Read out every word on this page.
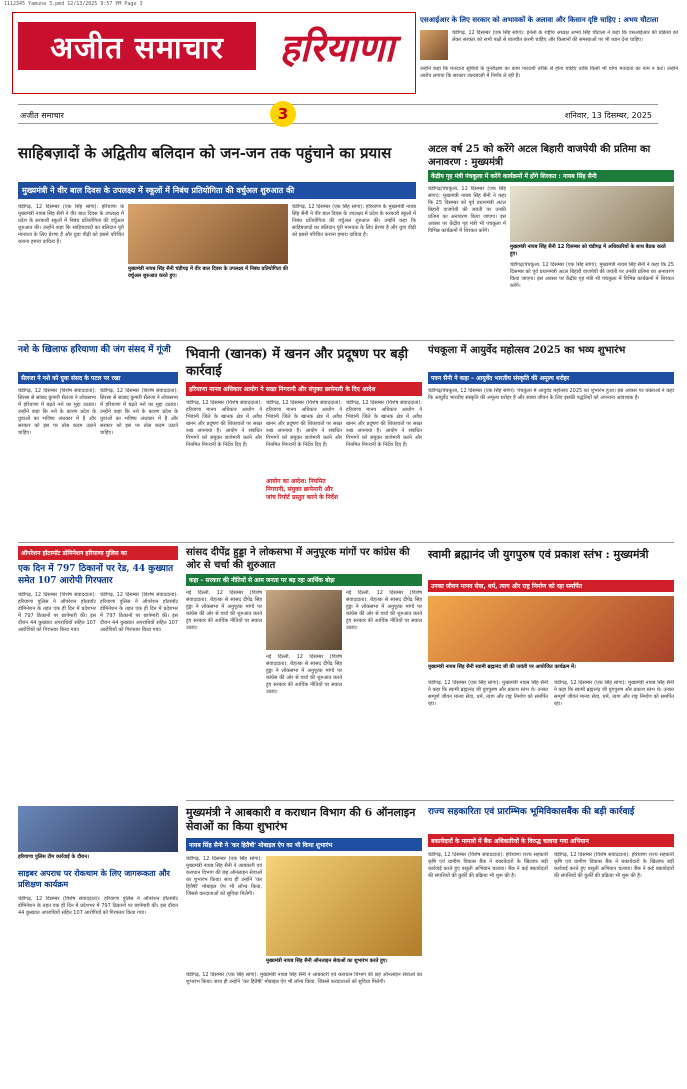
1112345 Yamuna 3.pmd 12/13/2025 9:57 PM Page 3
अजीत समाचार	हरियाणा
अजीत समाचार	3	शनिवार, 13 दिसम्बर, 2025
एसआईआर के लिए सरकार को अभावकों के अलावा और किसान दृष्टि चाहिए : अभय चौटाला
चंडीगढ़, 12 दिसम्बर (एक सिंह सांगा): इनेलो के राष्ट्रीय अध्यक्ष अभय सिंह चौटाला ने कहा कि एसआईआर की प्रक्रिया को लेकर सरकार को सभी पक्षों से बातचीत करनी चाहिए और किसानों की समस्याओं पर भी ध्यान देना चाहिए।
उन्होंने कहा कि मतदाता सूचियों के पुनरीक्षण का काम पारदर्शी तरीके से होना चाहिए ताकि किसी भी योग्य मतदाता का नाम न कटे। उन्होंने आरोप लगाया कि सरकार जल्दबाज़ी में निर्णय ले रही है।
साहिबज़ादों के अद्वितीय बलिदान को जन-जन तक पहुंचाने का प्रयास
मुख्यमंत्री ने वीर बाल दिवस के उपलक्ष्य में स्कूलों में निबंध प्रतियोगिता की वर्चुअल शुरुआत की
चंडीगढ़, 12 दिसम्बर (एक सिंह सांगा): हरियाणा के मुख्यमंत्री नायब सिंह सैनी ने वीर बाल दिवस के उपलक्ष्य में प्रदेश के सरकारी स्कूलों में निबंध प्रतियोगिता की वर्चुअल शुरुआत की। उन्होंने कहा कि साहिबज़ादों का बलिदान पूरी मानवता के लिए प्रेरणा है और युवा पीढ़ी को इससे परिचित कराना हमारा दायित्व है।
मुख्यमंत्री नायब सिंह सैनी चंडीगढ़ में वीर बाल दिवस के उपलक्ष्य में निबंध प्रतियोगिता की वर्चुअल शुरुआत करते हुए।
चंडीगढ़, 12 दिसम्बर (एक सिंह सांगा): हरियाणा के मुख्यमंत्री नायब सिंह सैनी ने वीर बाल दिवस के उपलक्ष्य में प्रदेश के सरकारी स्कूलों में निबंध प्रतियोगिता की वर्चुअल शुरुआत की। उन्होंने कहा कि साहिबज़ादों का बलिदान पूरी मानवता के लिए प्रेरणा है और युवा पीढ़ी को इससे परिचित कराना हमारा दायित्व है।
अटल वर्ष 25 को करेंगे अटल बिहारी वाजपेयी की प्रतिमा का अनावरण : मुख्यमंत्री
केंद्रीय गृह मंत्री पंचकूला में करेंगे कार्यक्रमों में होंगे शिरकत : नायब सिंह सैनी
चंडीगढ़/पंचकूला, 12 दिसम्बर (एक सिंह सांगा): मुख्यमंत्री नायब सिंह सैनी ने कहा कि 25 दिसम्बर को पूर्व प्रधानमंत्री अटल बिहारी वाजपेयी की जयंती पर उनकी प्रतिमा का अनावरण किया जाएगा। इस अवसर पर केंद्रीय गृह मंत्री भी पंचकूला में विभिन्न कार्यक्रमों में शिरकत करेंगे।
मुख्यमंत्री नायब सिंह सैनी 12 दिसम्बर को चंडीगढ़ में अधिकारियों के साथ बैठक करते हुए।
चंडीगढ़/पंचकूला, 12 दिसम्बर (एक सिंह सांगा): मुख्यमंत्री नायब सिंह सैनी ने कहा कि 25 दिसम्बर को पूर्व प्रधानमंत्री अटल बिहारी वाजपेयी की जयंती पर उनकी प्रतिमा का अनावरण किया जाएगा। इस अवसर पर केंद्रीय गृह मंत्री भी पंचकूला में विभिन्न कार्यक्रमों में शिरकत करेंगे।
नशे के खिलाफ हरियाणा की जंग संसद में गूंजी
सैलजा ने नशे को युवा संसद के पटल पर रखा
चंडीगढ़, 12 दिसम्बर (विशेष संवाददाता): सिरसा से सांसद कुमारी सैलजा ने लोकसभा में हरियाणा में बढ़ते नशे का मुद्दा उठाया। उन्होंने कहा कि नशे के कारण प्रदेश के युवाओं का भविष्य अंधकार में है और सरकार को इस पर ठोस कदम उठाने चाहिए।
चंडीगढ़, 12 दिसम्बर (विशेष संवाददाता): सिरसा से सांसद कुमारी सैलजा ने लोकसभा में हरियाणा में बढ़ते नशे का मुद्दा उठाया। उन्होंने कहा कि नशे के कारण प्रदेश के युवाओं का भविष्य अंधकार में है और सरकार को इस पर ठोस कदम उठाने चाहिए।
भिवानी (खानक) में खनन और प्रदूषण पर बड़ी कार्रवाई
हरियाणा मानव अधिकार आयोग ने सख्त निगरानी और संयुक्त छापेमारी के दिए आदेश
चंडीगढ़, 12 दिसम्बर (विशेष संवाददाता): हरियाणा मानव अधिकार आयोग ने भिवानी जिले के खानक क्षेत्र में अवैध खनन और प्रदूषण की शिकायतों पर सख्त रुख अपनाया है। आयोग ने संबंधित विभागों को संयुक्त छापेमारी करने और नियमित निगरानी के निर्देश दिए हैं।
आयोग का आदेश: नियमित निगरानी, संयुक्त छापेमारी और जांच रिपोर्ट प्रस्तुत करने के निर्देश
चंडीगढ़, 12 दिसम्बर (विशेष संवाददाता): हरियाणा मानव अधिकार आयोग ने भिवानी जिले के खानक क्षेत्र में अवैध खनन और प्रदूषण की शिकायतों पर सख्त रुख अपनाया है। आयोग ने संबंधित विभागों को संयुक्त छापेमारी करने और नियमित निगरानी के निर्देश दिए हैं।
चंडीगढ़, 12 दिसम्बर (विशेष संवाददाता): हरियाणा मानव अधिकार आयोग ने भिवानी जिले के खानक क्षेत्र में अवैध खनन और प्रदूषण की शिकायतों पर सख्त रुख अपनाया है। आयोग ने संबंधित विभागों को संयुक्त छापेमारी करने और नियमित निगरानी के निर्देश दिए हैं।
पंचकूला में आयुर्वेद महोत्सव 2025 का भव्य शुभारंभ
पवन सैनी ने कहा – आयुर्वेद भारतीय संस्कृति की अमूल्य धरोहर
चंडीगढ़/पंचकूला, 12 दिसम्बर (एक सिंह सांगा): पंचकूला में आयुर्वेद महोत्सव 2025 का शुभारंभ हुआ। इस अवसर पर वक्ताओं ने कहा कि आयुर्वेद भारतीय संस्कृति की अमूल्य धरोहर है और स्वस्थ जीवन के लिए इसकी पद्धतियों को अपनाना आवश्यक है।
ऑपरेशन हॉटस्पॉट डोमिनेशन हरियाणा पुलिस का
एक दिन में 797 ठिकानों पर रेड, 44 कुख्यात समेत 107 आरोपी गिरफ्तार
चंडीगढ़, 12 दिसम्बर (विशेष संवाददाता): हरियाणा पुलिस ने ऑपरेशन हॉटस्पॉट डोमिनेशन के तहत एक ही दिन में प्रदेशभर में 797 ठिकानों पर छापेमारी की। इस दौरान 44 कुख्यात अपराधियों सहित 107 आरोपियों को गिरफ्तार किया गया।
चंडीगढ़, 12 दिसम्बर (विशेष संवाददाता): हरियाणा पुलिस ने ऑपरेशन हॉटस्पॉट डोमिनेशन के तहत एक ही दिन में प्रदेशभर में 797 ठिकानों पर छापेमारी की। इस दौरान 44 कुख्यात अपराधियों सहित 107 आरोपियों को गिरफ्तार किया गया।
हरियाणा पुलिस टीम कार्रवाई के दौरान।
साइबर अपराध पर रोकथाम के लिए जागरूकता और प्रशिक्षण कार्यक्रम
चंडीगढ़, 12 दिसम्बर (विशेष संवाददाता): हरियाणा पुलिस ने ऑपरेशन हॉटस्पॉट डोमिनेशन के तहत एक ही दिन में प्रदेशभर में 797 ठिकानों पर छापेमारी की। इस दौरान 44 कुख्यात अपराधियों सहित 107 आरोपियों को गिरफ्तार किया गया।
सांसद दीपेंद्र हुड्डा ने लोकसभा में अनुपूरक मांगों पर कांग्रेस की ओर से चर्चा की शुरुआत
कहा – सरकार की नीतियों से आम जनता पर बढ़ रहा आर्थिक बोझ
नई दिल्ली, 12 दिसम्बर (विशेष संवाददाता): रोहतक से सांसद दीपेंद्र सिंह हुड्डा ने लोकसभा में अनुपूरक मांगों पर कांग्रेस की ओर से चर्चा की शुरुआत करते हुए सरकार की आर्थिक नीतियों पर सवाल उठाए।
नई दिल्ली, 12 दिसम्बर (विशेष संवाददाता): रोहतक से सांसद दीपेंद्र सिंह हुड्डा ने लोकसभा में अनुपूरक मांगों पर कांग्रेस की ओर से चर्चा की शुरुआत करते हुए सरकार की आर्थिक नीतियों पर सवाल उठाए।
नई दिल्ली, 12 दिसम्बर (विशेष संवाददाता): रोहतक से सांसद दीपेंद्र सिंह हुड्डा ने लोकसभा में अनुपूरक मांगों पर कांग्रेस की ओर से चर्चा की शुरुआत करते हुए सरकार की आर्थिक नीतियों पर सवाल उठाए।
स्वामी ब्रह्मानंद जी युगपुरुष एवं प्रकाश स्तंभ : मुख्यमंत्री
उनका जीवन मानव सेवा, धर्म, त्याग और राष्ट्र निर्माण को रहा समर्पित
मुख्यमंत्री नायब सिंह सैनी स्वामी ब्रह्मानंद जी की जयंती पर आयोजित कार्यक्रम में।
चंडीगढ़, 12 दिसम्बर (एक सिंह सांगा): मुख्यमंत्री नायब सिंह सैनी ने कहा कि स्वामी ब्रह्मानंद जी युगपुरुष और प्रकाश स्तंभ थे। उनका सम्पूर्ण जीवन मानव सेवा, धर्म, त्याग और राष्ट्र निर्माण को समर्पित रहा।
चंडीगढ़, 12 दिसम्बर (एक सिंह सांगा): मुख्यमंत्री नायब सिंह सैनी ने कहा कि स्वामी ब्रह्मानंद जी युगपुरुष और प्रकाश स्तंभ थे। उनका सम्पूर्ण जीवन मानव सेवा, धर्म, त्याग और राष्ट्र निर्माण को समर्पित रहा।
मुख्यमंत्री ने आबकारी व कराधान विभाग की 6 ऑनलाइन सेवाओं का किया शुभारंभ
नायब सिंह सैनी ने 'कर हितैषी' मोबाइल ऐप का भी किया शुभारंभ
चंडीगढ़, 12 दिसम्बर (एक सिंह सांगा): मुख्यमंत्री नायब सिंह सैनी ने आबकारी एवं कराधान विभाग की छह ऑनलाइन सेवाओं का शुभारंभ किया। साथ ही उन्होंने 'कर हितैषी' मोबाइल ऐप भी लॉन्च किया, जिससे करदाताओं को सुविधा मिलेगी।
मुख्यमंत्री नायब सिंह सैनी ऑनलाइन सेवाओं का शुभारंभ करते हुए।
चंडीगढ़, 12 दिसम्बर (एक सिंह सांगा): मुख्यमंत्री नायब सिंह सैनी ने आबकारी एवं कराधान विभाग की छह ऑनलाइन सेवाओं का शुभारंभ किया। साथ ही उन्होंने 'कर हितैषी' मोबाइल ऐप भी लॉन्च किया, जिससे करदाताओं को सुविधा मिलेगी।
राज्य सहकारिता एवं प्रारम्भिक भूमिविकासबैंक की बड़ी कार्रवाई
बकायेदारों के मामलों में बैंक अधिकारियों के विरुद्ध चलाया गया अभियान
चंडीगढ़, 12 दिसम्बर (विशेष संवाददाता): हरियाणा राज्य सहकारी कृषि एवं ग्रामीण विकास बैंक ने बकायेदारों के खिलाफ बड़ी कार्रवाई करते हुए वसूली अभियान चलाया। बैंक ने कई बकायेदारों की संपत्तियों की कुर्की की प्रक्रिया भी शुरू की है।
चंडीगढ़, 12 दिसम्बर (विशेष संवाददाता): हरियाणा राज्य सहकारी कृषि एवं ग्रामीण विकास बैंक ने बकायेदारों के खिलाफ बड़ी कार्रवाई करते हुए वसूली अभियान चलाया। बैंक ने कई बकायेदारों की संपत्तियों की कुर्की की प्रक्रिया भी शुरू की है।
